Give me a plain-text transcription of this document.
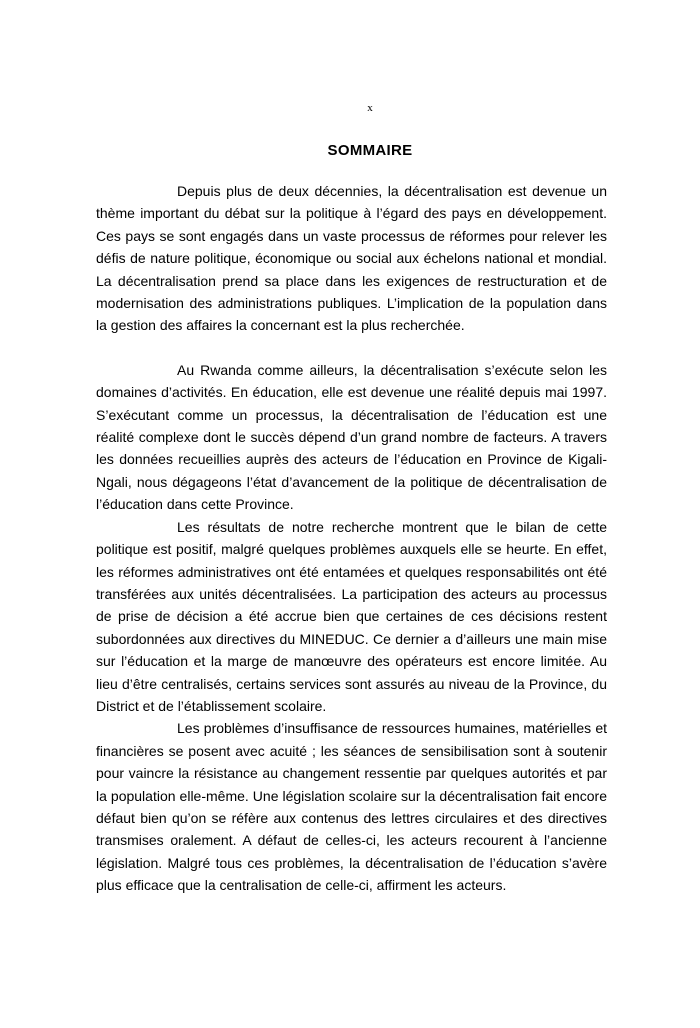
x
SOMMAIRE

Depuis plus de deux décennies, la décentralisation est devenue un thème important du débat sur la politique à l’égard des pays en développement. Ces pays se sont engagés dans un vaste processus de réformes pour relever les défis de nature politique, économique ou social aux échelons national et mondial. La décentralisation prend sa place dans les exigences de restructuration et de modernisation des administrations publiques. L’implication de la population dans la gestion des affaires la concernant est la plus recherchée.

Au Rwanda comme ailleurs, la décentralisation s’exécute selon les domaines d’activités. En éducation, elle est devenue une réalité depuis mai 1997. S’exécutant comme un processus, la décentralisation de l’éducation est une réalité complexe dont le succès dépend d’un grand nombre de facteurs. A travers les données recueillies auprès des acteurs de l’éducation en Province de Kigali-Ngali, nous dégageons l’état d’avancement de la politique de décentralisation de l’éducation dans cette Province.

Les résultats de notre recherche montrent que le bilan de cette politique est positif, malgré quelques problèmes auxquels elle se heurte. En effet, les réformes administratives ont été entamées et quelques responsabilités ont été transférées aux unités décentralisées. La participation des acteurs au processus de prise de décision a été accrue bien que certaines de ces décisions restent subordonnées aux directives du MINEDUC. Ce dernier a d’ailleurs une main mise sur l’éducation et la marge de manœuvre des opérateurs est encore limitée. Au lieu d’être centralisés, certains services sont assurés au niveau de la Province, du District et de l’établissement scolaire.

Les problèmes d’insuffisance de ressources humaines, matérielles et financières se posent avec acuité ; les séances de sensibilisation sont à soutenir pour vaincre la résistance au changement ressentie par quelques autorités et par la population elle-même. Une législation scolaire sur la décentralisation fait encore défaut bien qu’on se réfère aux contenus des lettres circulaires et des directives transmises oralement. A défaut de celles-ci, les acteurs recourent à l’ancienne législation. Malgré tous ces problèmes, la décentralisation de l’éducation s’avère plus efficace que la centralisation de celle-ci, affirment les acteurs.
